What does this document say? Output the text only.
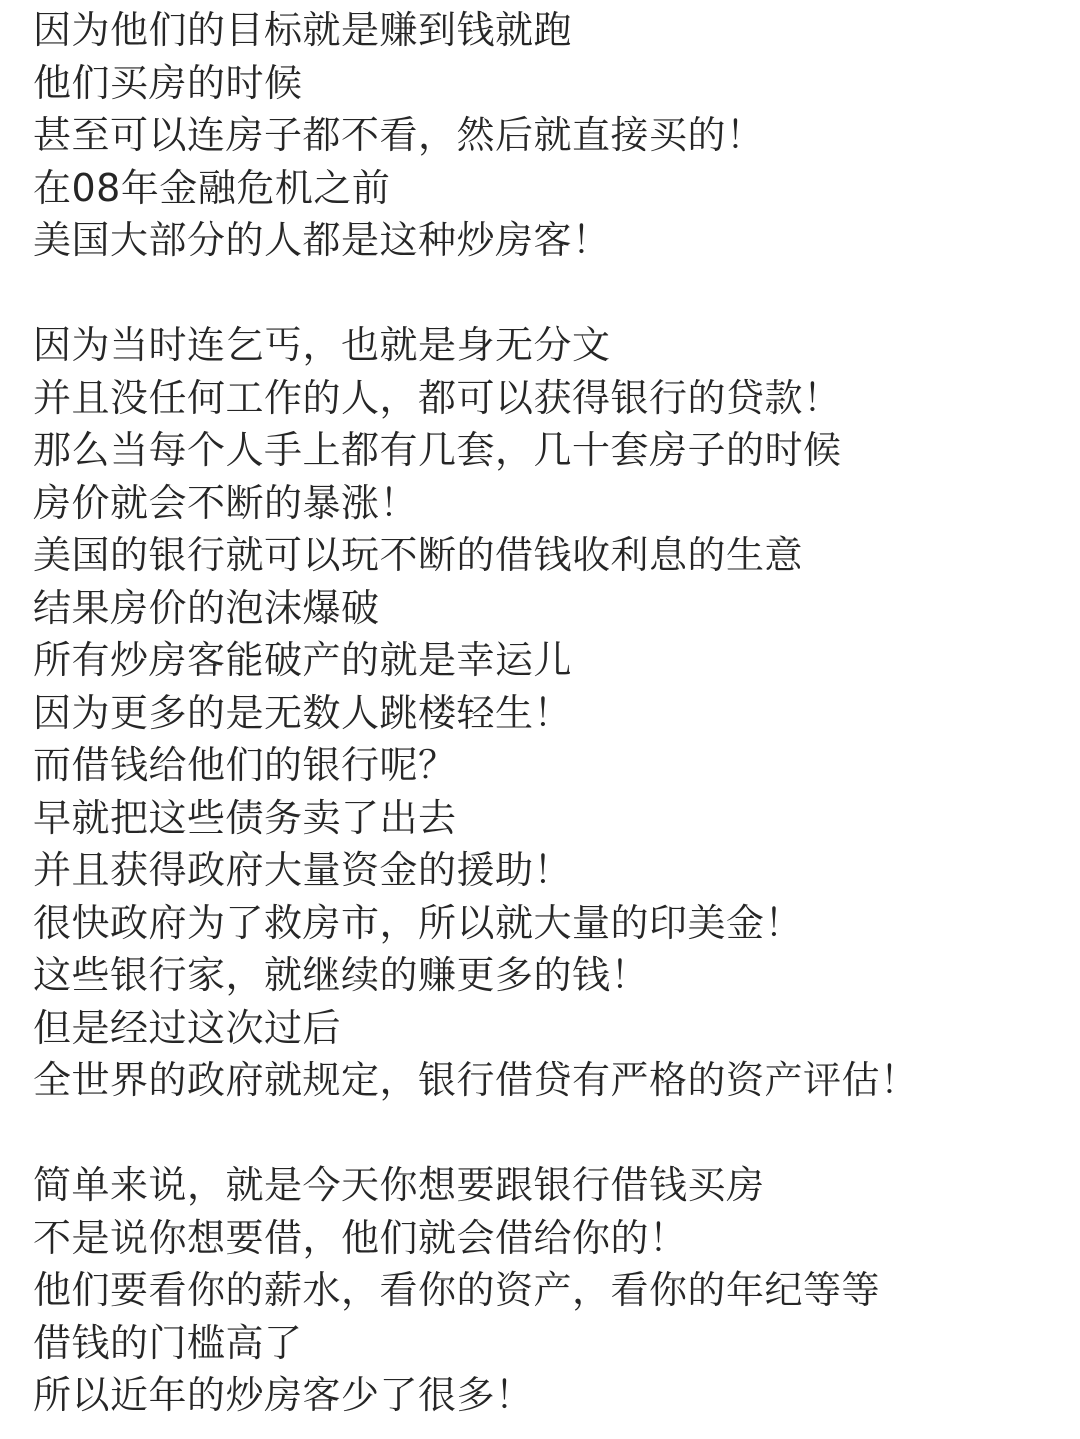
因为他们的目标就是赚到钱就跑
他们买房的时候
甚至可以连房子都不看，然后就直接买的！
在08年金融危机之前
美国大部分的人都是这种炒房客！
因为当时连乞丐，也就是身无分文
并且没任何工作的人，都可以获得银行的贷款！
那么当每个人手上都有几套，几十套房子的时候
房价就会不断的暴涨！
美国的银行就可以玩不断的借钱收利息的生意
结果房价的泡沫爆破
所有炒房客能破产的就是幸运儿
因为更多的是无数人跳楼轻生！
而借钱给他们的银行呢？
早就把这些债务卖了出去
并且获得政府大量资金的援助！
很快政府为了救房市，所以就大量的印美金！
这些银行家，就继续的赚更多的钱！
但是经过这次过后
全世界的政府就规定，银行借贷有严格的资产评估！
简单来说，就是今天你想要跟银行借钱买房
不是说你想要借，他们就会借给你的！
他们要看你的薪水，看你的资产，看你的年纪等等
借钱的门槛高了
所以近年的炒房客少了很多！
